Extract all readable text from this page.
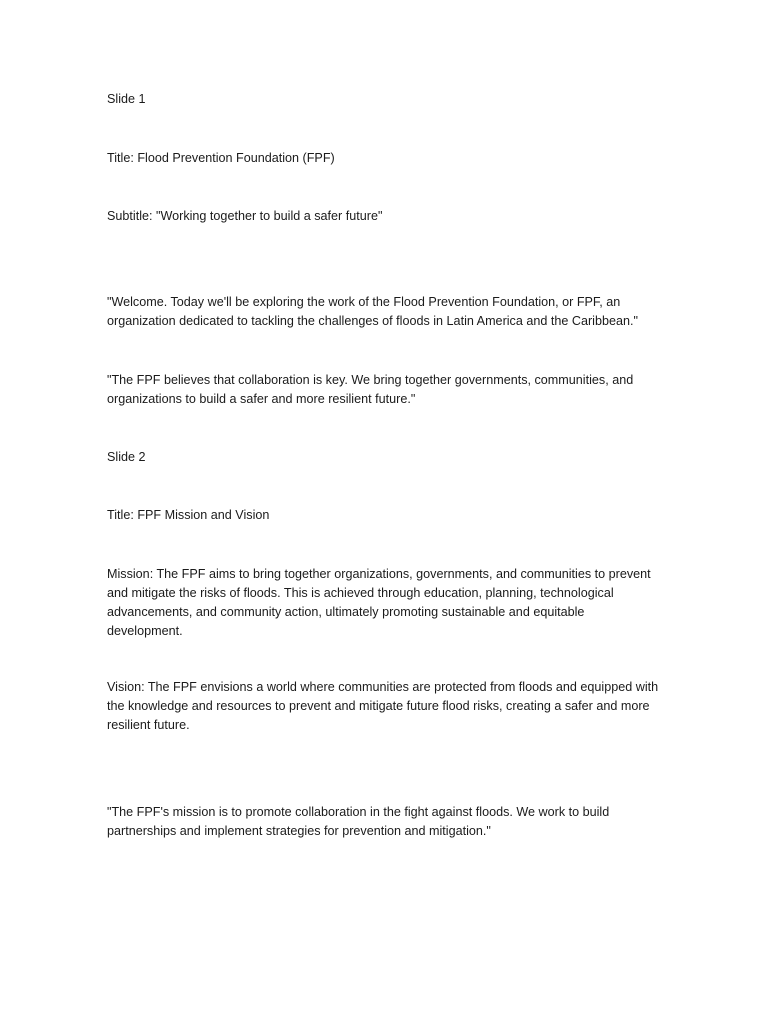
Slide 1

Title: Flood Prevention Foundation (FPF)

Subtitle: "Working together to build a safer future"

"Welcome. Today we'll be exploring the work of the Flood Prevention Foundation, or FPF, an organization dedicated to tackling the challenges of floods in Latin America and the Caribbean."

"The FPF believes that collaboration is key. We bring together governments, communities, and organizations to build a safer and more resilient future."

Slide 2

Title: FPF Mission and Vision

Mission: The FPF aims to bring together organizations, governments, and communities to prevent and mitigate the risks of floods. This is achieved through education, planning, technological advancements, and community action, ultimately promoting sustainable and equitable development.

Vision: The FPF envisions a world where communities are protected from floods and equipped with the knowledge and resources to prevent and mitigate future flood risks, creating a safer and more resilient future.

"The FPF's mission is to promote collaboration in the fight against floods. We work to build partnerships and implement strategies for prevention and mitigation."
